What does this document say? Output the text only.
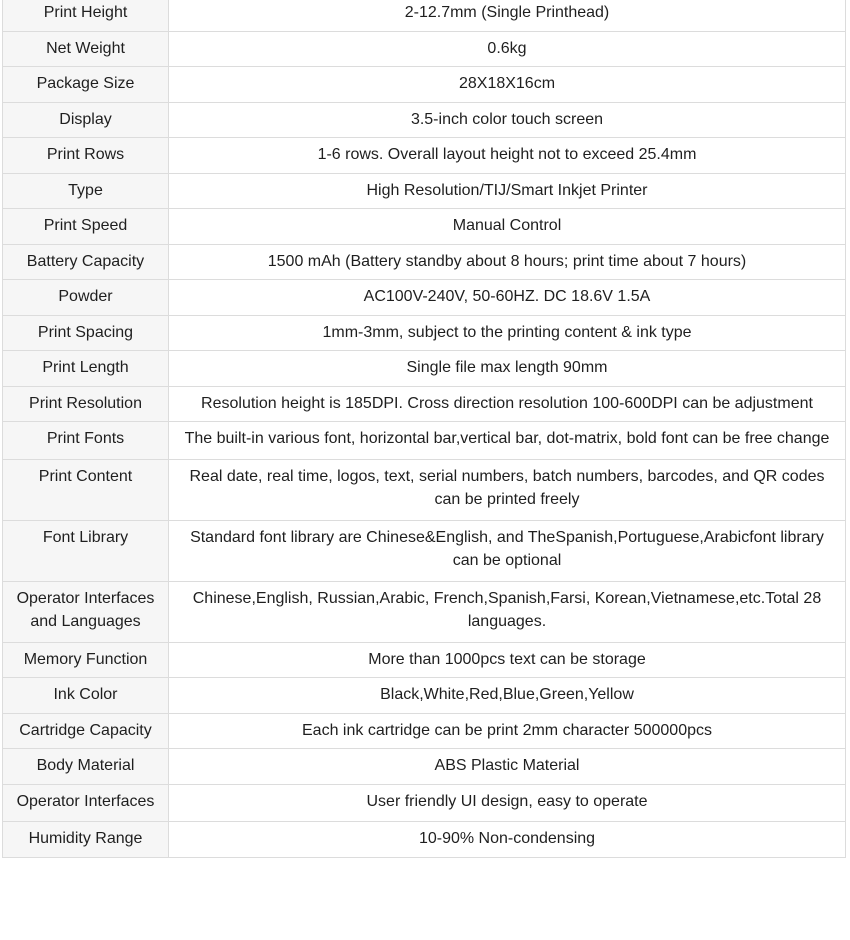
Print Height	2-12.7mm (Single Printhead)
Net Weight	0.6kg
Package Size	28X18X16cm
Display	3.5-inch color touch screen
Print Rows	1-6 rows. Overall layout height not to exceed 25.4mm
Type	High Resolution/TIJ/Smart Inkjet Printer
Print Speed	Manual Control
Battery Capacity	1500 mAh (Battery standby about 8 hours; print time about 7 hours)
Powder	AC100V-240V, 50-60HZ. DC 18.6V 1.5A
Print Spacing	1mm-3mm, subject to the printing content & ink type
Print Length	Single file max length 90mm
Print Resolution	Resolution height is 185DPI. Cross direction resolution 100-600DPI can be adjustment
Print Fonts	The built-in various font, horizontal bar,vertical bar, dot-matrix, bold font can be free change
Print Content	Real date, real time, logos, text, serial numbers, batch numbers, barcodes, and QR codes can be printed freely
Font Library	Standard font library are Chinese&English, and TheSpanish,Portuguese,Arabicfont library can be optional
Operator Interfaces and Languages	Chinese,English, Russian,Arabic, French,Spanish,Farsi, Korean,Vietnamese,etc.Total 28 languages.
Memory Function	More than 1000pcs text can be storage
Ink Color	Black,White,Red,Blue,Green,Yellow
Cartridge Capacity	Each ink cartridge can be print 2mm character 500000pcs
Body Material	ABS Plastic Material
Operator Interfaces	User friendly UI design, easy to operate
Humidity Range	10-90% Non-condensing
